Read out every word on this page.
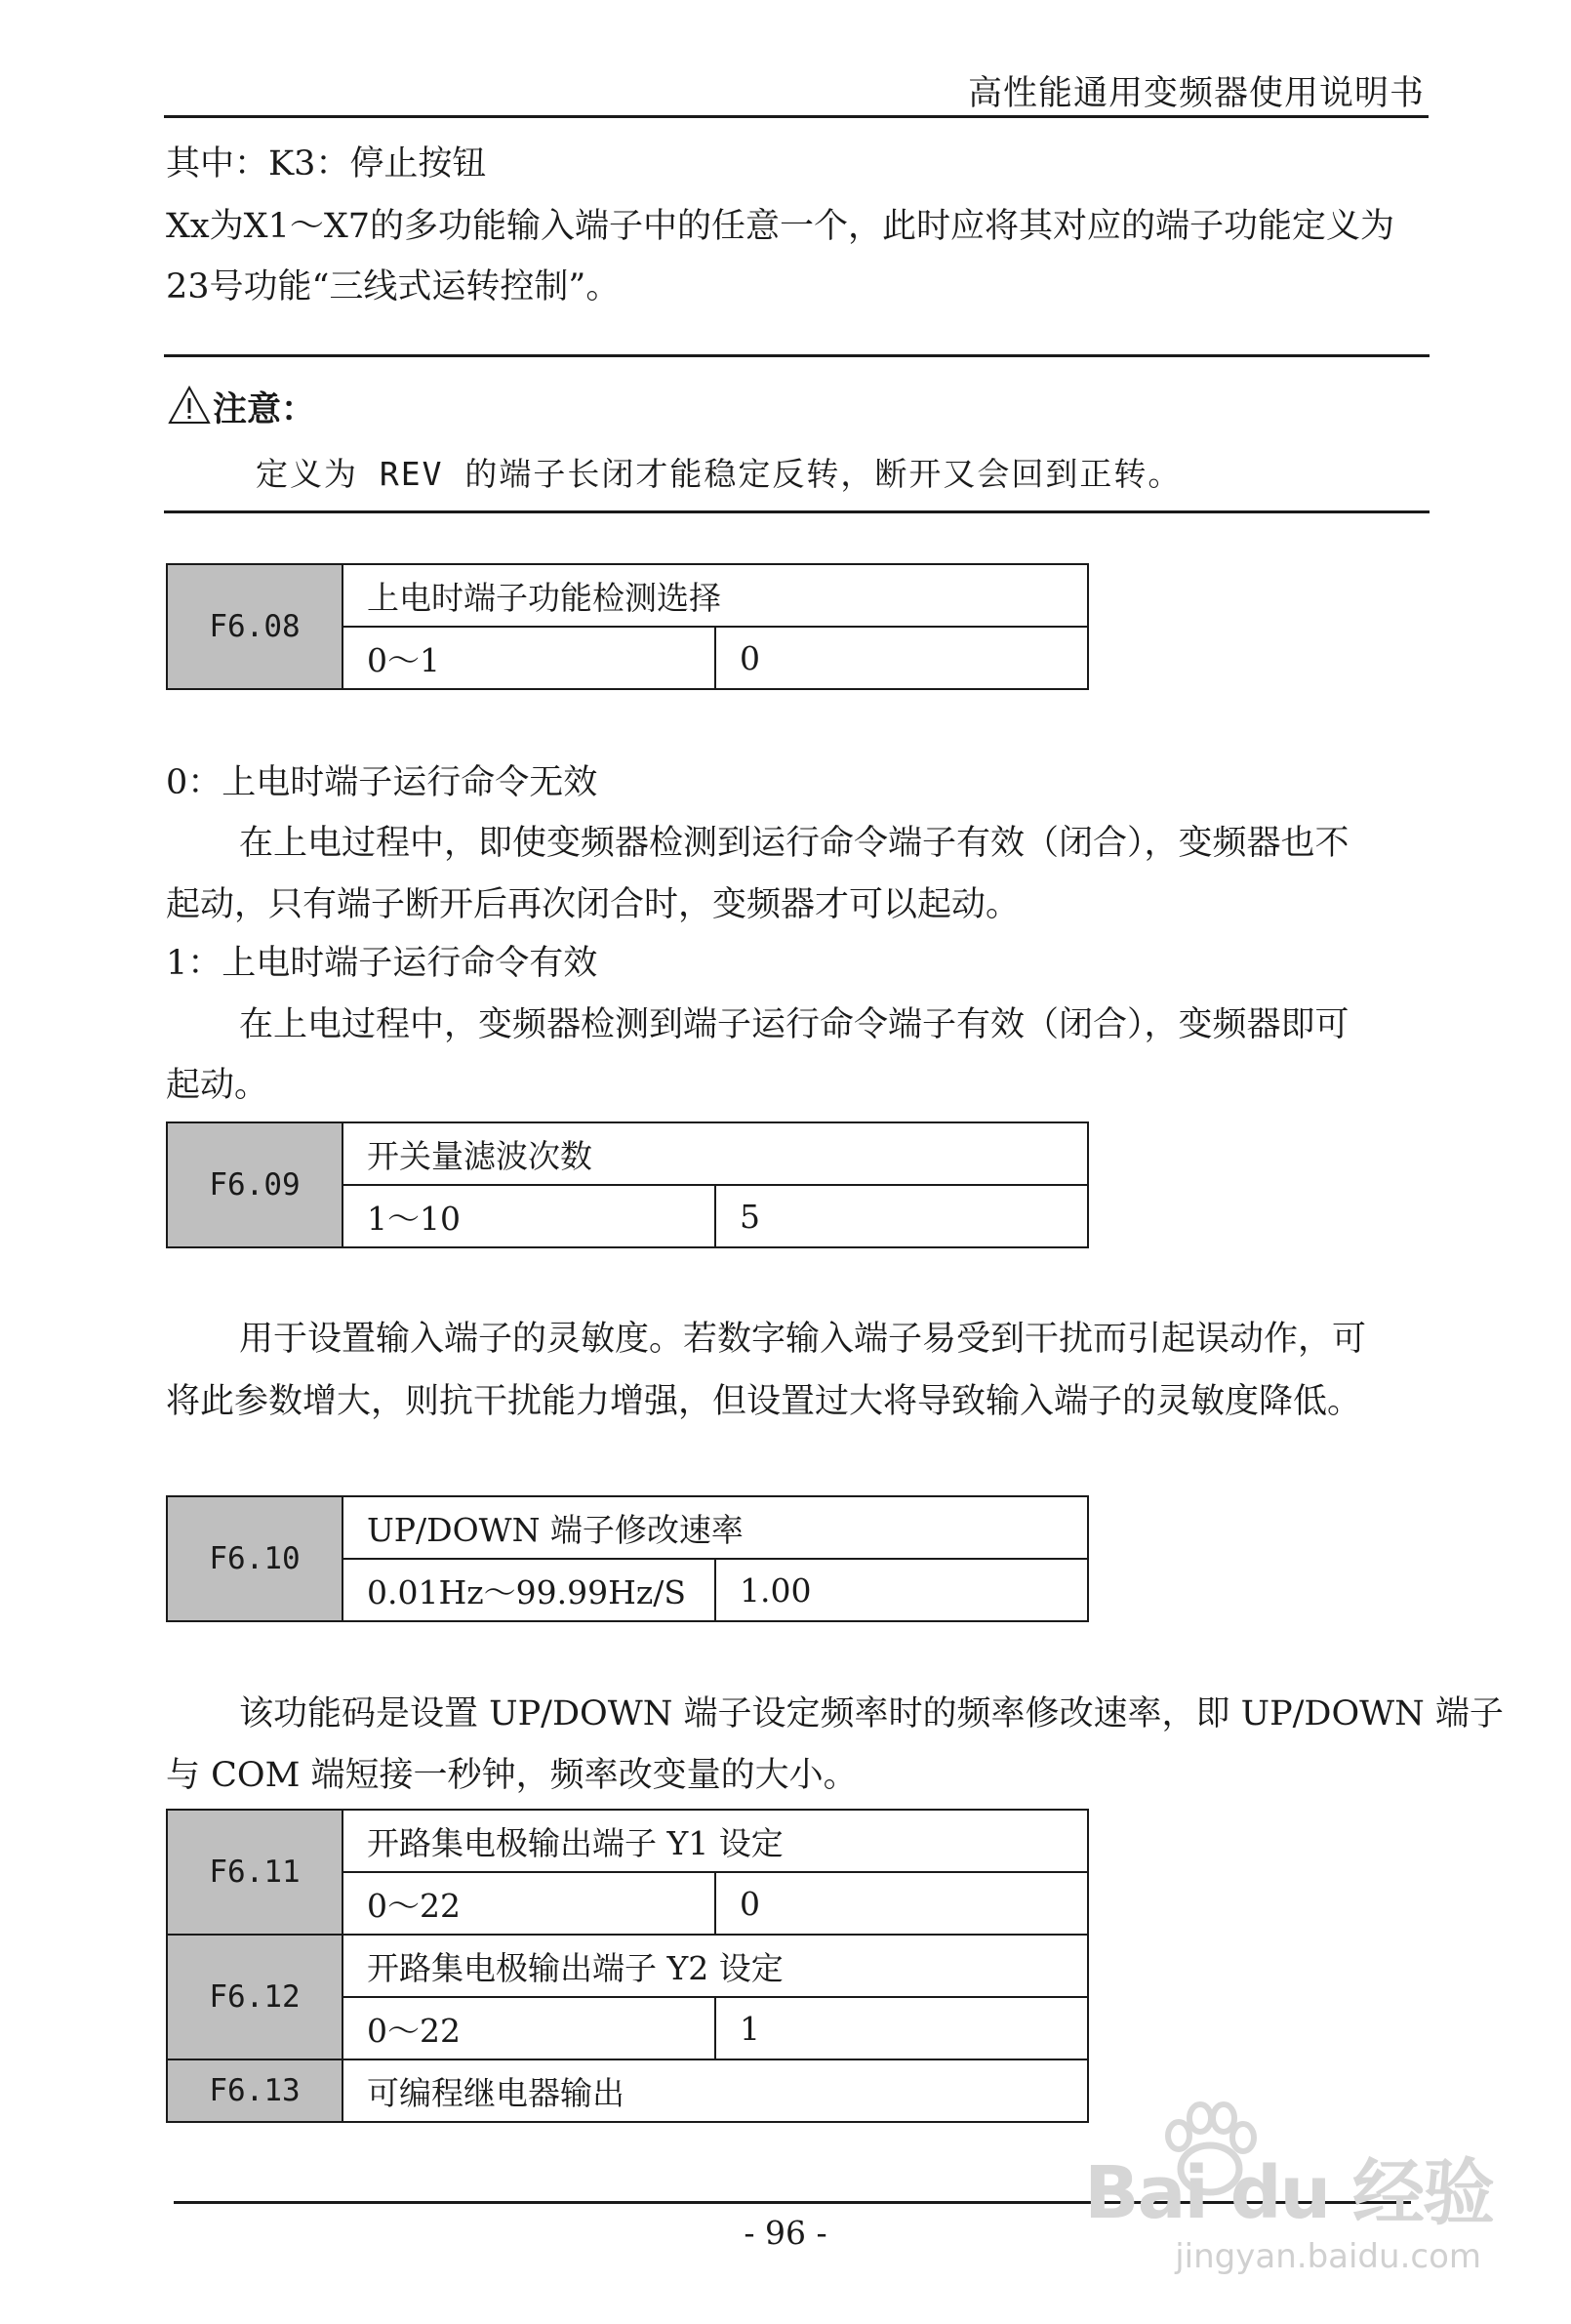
高性能通用变频器使用说明书
其中：K3：停止按钮
Xx为X1～X7的多功能输入端子中的任意一个，此时应将其对应的端子功能定义为
23号功能“三线式运转控制”。
注意：
定义为 REV 的端子长闭才能稳定反转，断开又会回到正转。
F6.08	上电时端子功能检测选择	
	0～1	0
0：上电时端子运行命令无效
在上电过程中，即使变频器检测到运行命令端子有效（闭合），变频器也不
起动，只有端子断开后再次闭合时，变频器才可以起动。
1：上电时端子运行命令有效
在上电过程中，变频器检测到端子运行命令端子有效（闭合），变频器即可
起动。
F6.09	开关量滤波次数	
	1～10	5
用于设置输入端子的灵敏度。若数字输入端子易受到干扰而引起误动作，可
将此参数增大，则抗干扰能力增强，但设置过大将导致输入端子的灵敏度降低。
F6.10	UP/DOWN 端子修改速率	
	0.01Hz～99.99Hz/S	1.00
该功能码是设置 UP/DOWN 端子设定频率时的频率修改速率，即 UP/DOWN 端子
与 COM 端短接一秒钟，频率改变量的大小。
F6.11	开路集电极输出端子 Y1 设定	
	0～22	0
F6.12	开路集电极输出端子 Y2 设定	
	0～22	1
F6.13	可编程继电器输出	
- 96 -	Bai du 经验
jingyan.baidu.com
